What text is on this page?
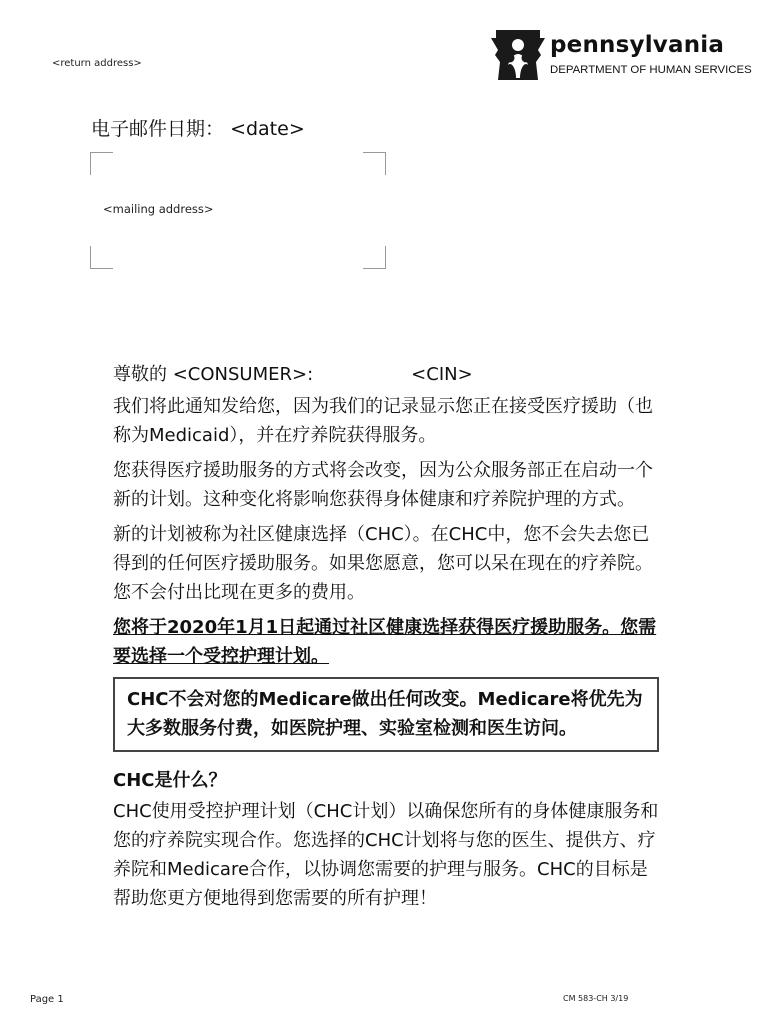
<return address>
pennsylvania
DEPARTMENT OF HUMAN SERVICES
电子邮件日期： <date>
<mailing address>
尊敬的 <CONSUMER>:	<CIN>

我们将此通知发给您，因为我们的记录显示您正在接受医疗援助（也称为Medicaid），并在疗养院获得服务。

您获得医疗援助服务的方式将会改变，因为公众服务部正在启动一个新的计划。这种变化将影响您获得身体健康和疗养院护理的方式。

新的计划被称为社区健康选择（CHC）。在CHC中，您不会失去您已得到的任何医疗援助服务。如果您愿意，您可以呆在现在的疗养院。您不会付出比现在更多的费用。

您将于2020年1月1日起通过社区健康选择获得医疗援助服务。您需要选择一个受控护理计划。

CHC不会对您的Medicare做出任何改变。Medicare将优先为大多数服务付费，如医院护理、实验室检测和医生访问。
CHC是什么？

CHC使用受控护理计划（CHC计划）以确保您所有的身体健康服务和您的疗养院实现合作。您选择的CHC计划将与您的医生、提供方、疗养院和Medicare合作，以协调您需要的护理与服务。CHC的目标是帮助您更方便地得到您需要的所有护理！

Page 1	CM 583-CH 3/19
